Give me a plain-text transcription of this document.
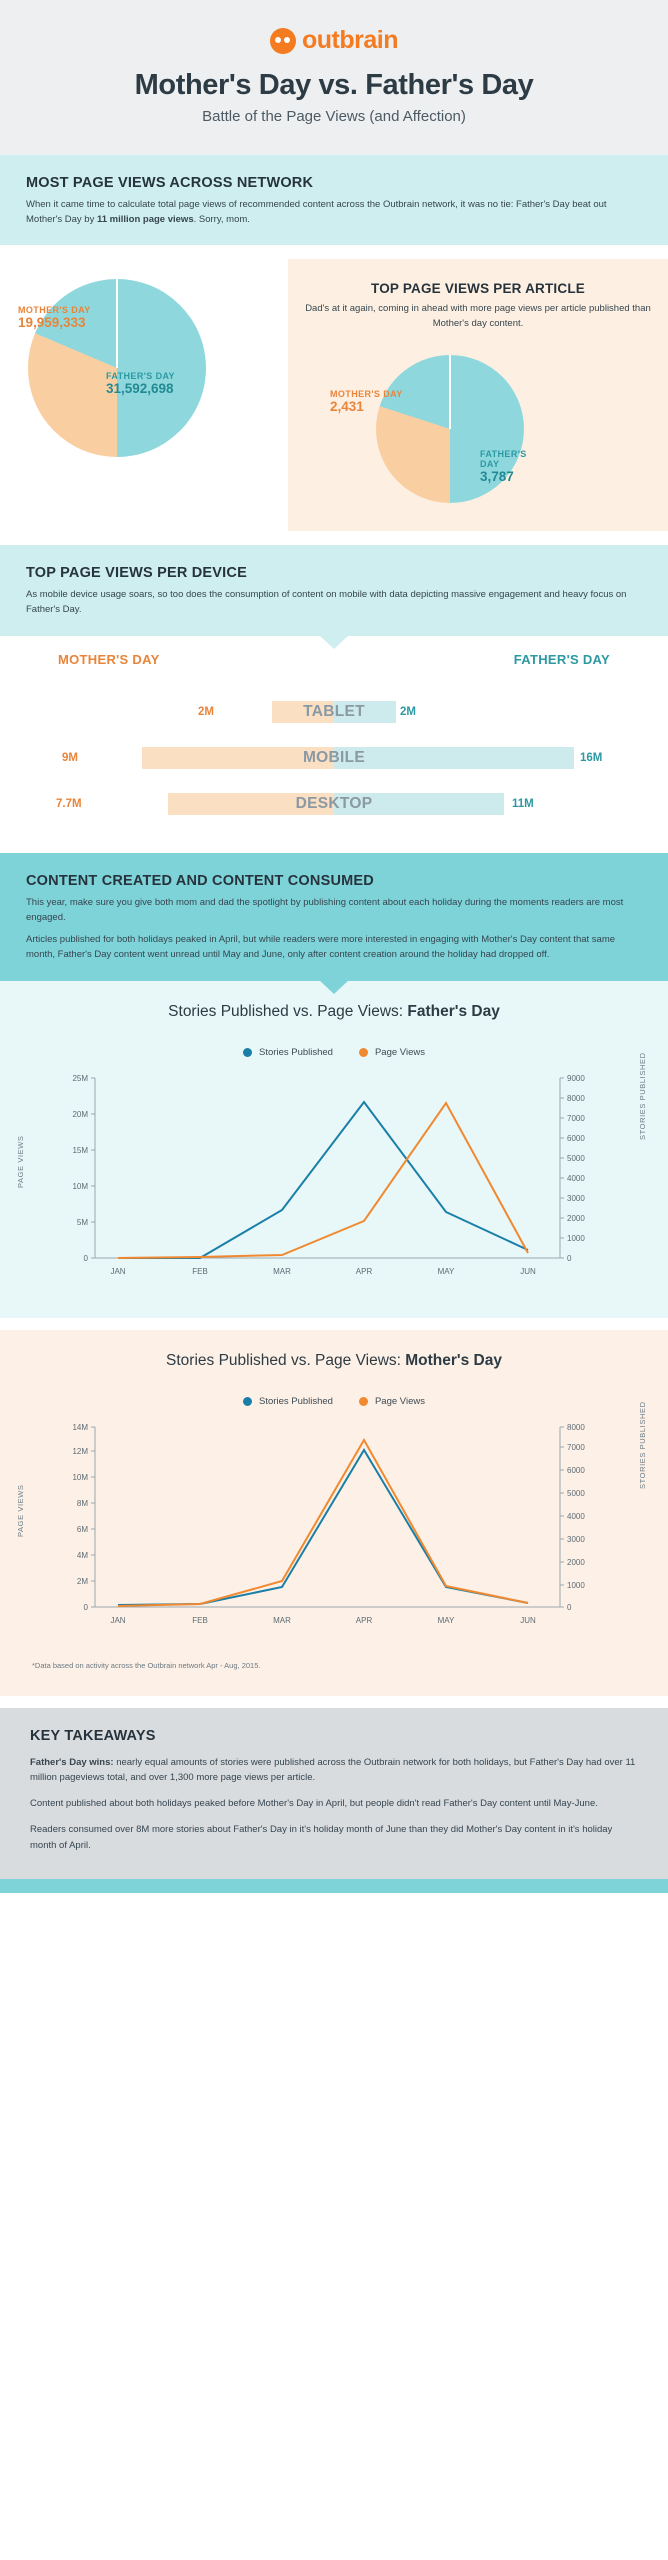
outbrain
Mother's Day vs. Father's Day
Battle of the Page Views (and Affection)
MOST PAGE VIEWS ACROSS NETWORK
When it came time to calculate total page views of recommended content across the Outbrain network, it was no tie: Father's Day beat out Mother's Day by 11 million page views. Sorry, mom.
TOP PAGE VIEWS PER ARTICLE

Dad's at it again, coming in ahead with more page views per article published than Mother's day content.

MOTHER'S DAY
2,431
FATHER'S DAY
3,787
MOTHER'S DAY
19,959,333
FATHER'S DAY
31,592,698
TOP PAGE VIEWS PER DEVICE
As mobile device usage soars, so too does the consumption of content on mobile with data depicting massive engagement and heavy focus on Father's Day.
MOTHER'S DAY	FATHER'S DAY
2M	2M
TABLET
9M	16M
MOBILE
7.7M	11M
DESKTOP
CONTENT CREATED AND CONTENT CONSUMED

This year, make sure you give both mom and dad the spotlight by publishing content about each holiday during the moments readers are most engaged.

Articles published for both holidays peaked in April, but while readers were more interested in engaging with Mother's Day content that same month, Father's Day content went unread until May and June, only after content creation around the holiday had dropped off.

Stories Published vs. Page Views: Father's Day
Stories Published	Page Views
0
5M
10M
15M
20M
25M
0
1000
2000
3000
4000
5000
6000
7000
8000
9000
JAN	FEB	MAR	APR	MAY	JUN
PAGE VIEWS
STORIES PUBLISHED
Stories Published vs. Page Views: Mother's Day
Stories Published	Page Views
0
2M
4M
6M
8M
10M
12M
14M
0
1000
2000
3000
4000
5000
6000
7000
8000
JAN	FEB	MAR	APR	MAY	JUN
PAGE VIEWS
STORIES PUBLISHED
*Data based on activity across the Outbrain network Apr - Aug, 2015.
KEY TAKEAWAYS

Father's Day wins: nearly equal amounts of stories were published across the Outbrain network for both holidays, but Father's Day had over 11 million pageviews total, and over 1,300 more page views per article.

Content published about both holidays peaked before Mother's Day in April, but people didn't read Father's Day content until May-June.

Readers consumed over 8M more stories about Father's Day in it's holiday month of June than they did Mother's Day content in it's holiday month of April.
